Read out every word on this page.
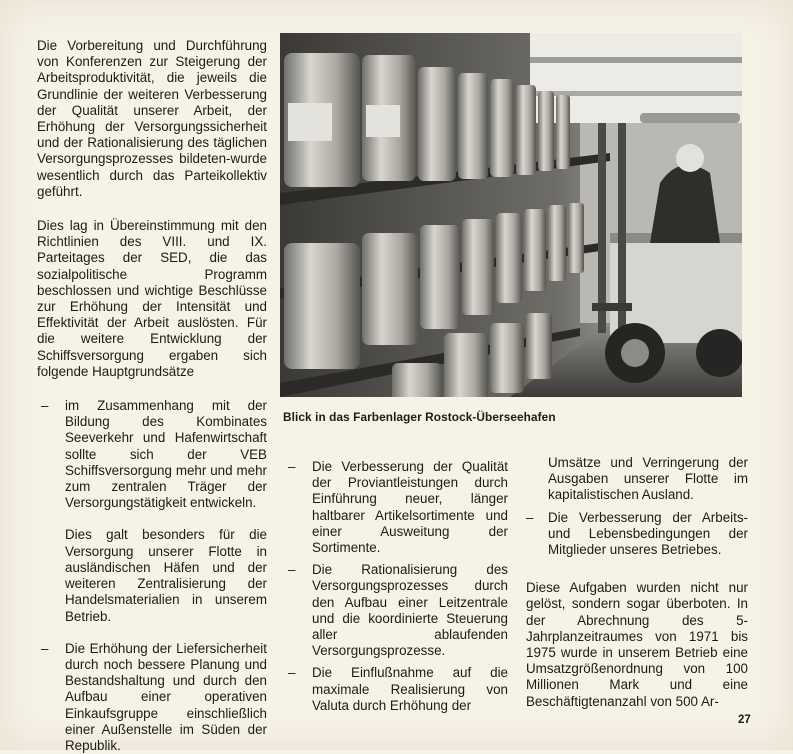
Die Vorbereitung und Durchführung von Konferenzen zur Steigerung der Arbeitsproduktivität, die jeweils die Grundlinie der weiteren Verbesserung der Qualität unserer Arbeit, der Erhöhung der Versorgungssicherheit und der Rationalisierung des täglichen Versorgungsprozesses bildeten-wurde wesentlich durch das Parteikollektiv geführt.

Dies lag in Übereinstimmung mit den Richtlinien des VIII. und IX. Parteitages der SED, die das sozialpolitische Programm beschlossen und wichtige Beschlüsse zur Erhöhung der Intensität und Effektivität der Arbeit auslösten. Für die weitere Entwicklung der Schiffsversorgung ergaben sich folgende Hauptgrundsätze

– im Zusammenhang mit der Bildung des Kombinates Seeverkehr und Hafenwirtschaft sollte sich der VEB Schiffsversorgung mehr und mehr zum zentralen Träger der Versorgungstätigkeit entwickeln.

Dies galt besonders für die Versorgung unserer Flotte in ausländischen Häfen und der weiteren Zentralisierung der Handelsmaterialien in unserem Betrieb.

– Die Erhöhung der Liefersicherheit durch noch bessere Planung und Bestandshaltung und durch den Aufbau einer operativen Einkaufsgruppe einschließlich einer Außenstelle im Süden der Republik.

Blick in das Farbenlager Rostock-Überseehafen

– Die Verbesserung der Qualität der Proviantleistungen durch Einführung neuer, länger haltbarer Artikelsortimente und einer Ausweitung der Sortimente.

– Die Rationalisierung des Versorgungsprozesses durch den Aufbau einer Leitzentrale und die koordinierte Steuerung aller ablaufenden Versorgungsprozesse.

– Die Einflußnahme auf die maximale Realisierung von Valuta durch Erhöhung der

Umsätze und Verringerung der Ausgaben unserer Flotte im kapitalistischen Ausland.

– Die Verbesserung der Arbeits- und Lebensbedingungen der Mitglieder unseres Betriebes.

Diese Aufgaben wurden nicht nur gelöst, sondern sogar überboten. In der Abrechnung des 5-Jahrplanzeitraumes von 1971 bis 1975 wurde in unserem Betrieb eine Umsatzgrößenordnung von 100 Millionen Mark und eine Beschäftigtenanzahl von 500 Ar-

27
